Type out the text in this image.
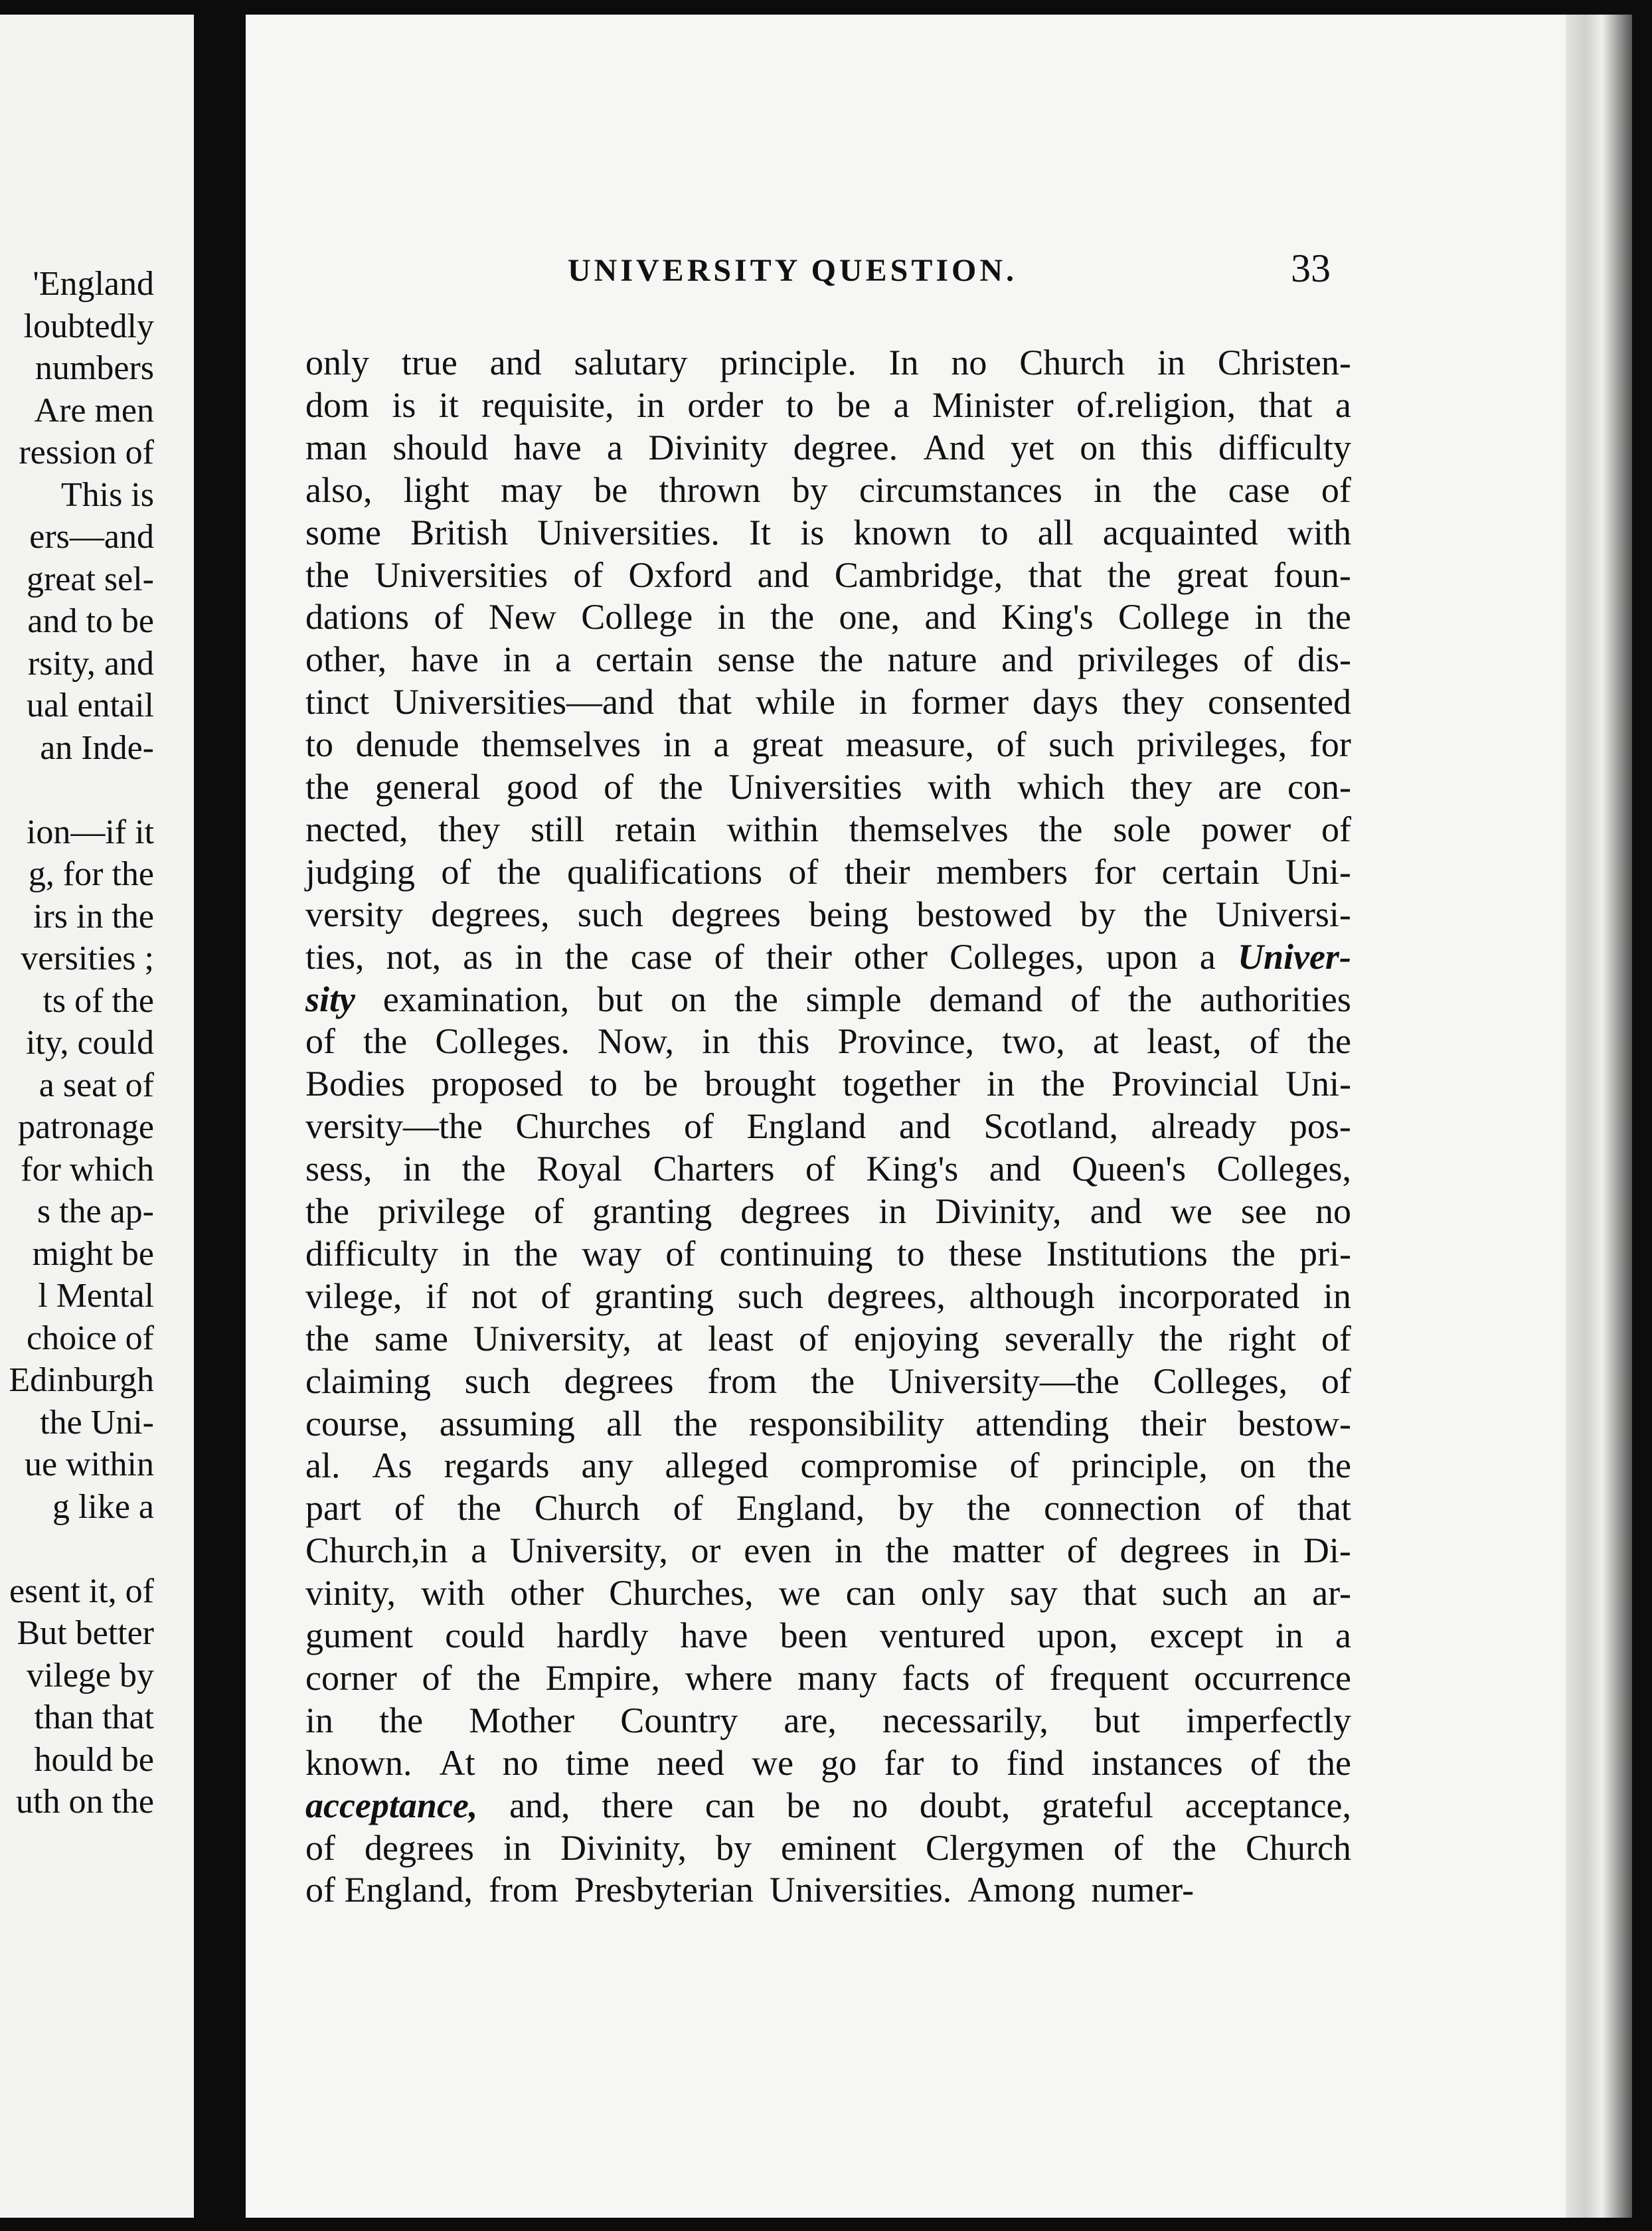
'England
loubtedly
numbers
Are men
ression of
This is
ers—and
great sel-
and to be
rsity, and
ual entail
an Inde-
ion—if it
g, for the
irs in the
versities ;
ts of the
ity, could
a seat of
patronage
for which
s the ap-
might be
l Mental
choice of
Edinburgh
the Uni-
ue within
g like a
esent it, of
But better
vilege by
than that
hould be
uth on the
UNIVERSITY QUESTION.	33
only true and salutary principle. In no Church in Christen-
dom is it requisite, in order to be a Minister of.religion, that a
man should have a Divinity degree. And yet on this difficulty
also, light may be thrown by circumstances in the case of
some British Universities. It is known to all acquainted with
the Universities of Oxford and Cambridge, that the great foun-
dations of New College in the one, and King's College in the
other, have in a certain sense the nature and privileges of dis-
tinct Universities—and that while in former days they consented
to denude themselves in a great measure, of such privileges, for
the general good of the Universities with which they are con-
nected, they still retain within themselves the sole power of
judging of the qualifications of their members for certain Uni-
versity degrees, such degrees being bestowed by the Universi-
ties, not, as in the case of their other Colleges, upon a Univer-
sity examination, but on the simple demand of the authorities
of the Colleges. Now, in this Province, two, at least, of the
Bodies proposed to be brought together in the Provincial Uni-
versity—the Churches of England and Scotland, already pos-
sess, in the Royal Charters of King's and Queen's Colleges,
the privilege of granting degrees in Divinity, and we see no
difficulty in the way of continuing to these Institutions the pri-
vilege, if not of granting such degrees, although incorporated in
the same University, at least of enjoying severally the right of
claiming such degrees from the University—the Colleges, of
course, assuming all the responsibility attending their bestow-
al. As regards any alleged compromise of principle, on the
part of the Church of England, by the connection of that
Church,in a University, or even in the matter of degrees in Di-
vinity, with other Churches, we can only say that such an ar-
gument could hardly have been ventured upon, except in a
corner of the Empire, where many facts of frequent occurrence
in the Mother Country are, necessarily, but imperfectly
known. At no time need we go far to find instances of the
acceptance, and, there can be no doubt, grateful acceptance,
of degrees in Divinity, by eminent Clergymen of the Church
of England, from Presbyterian Universities. Among numer-
